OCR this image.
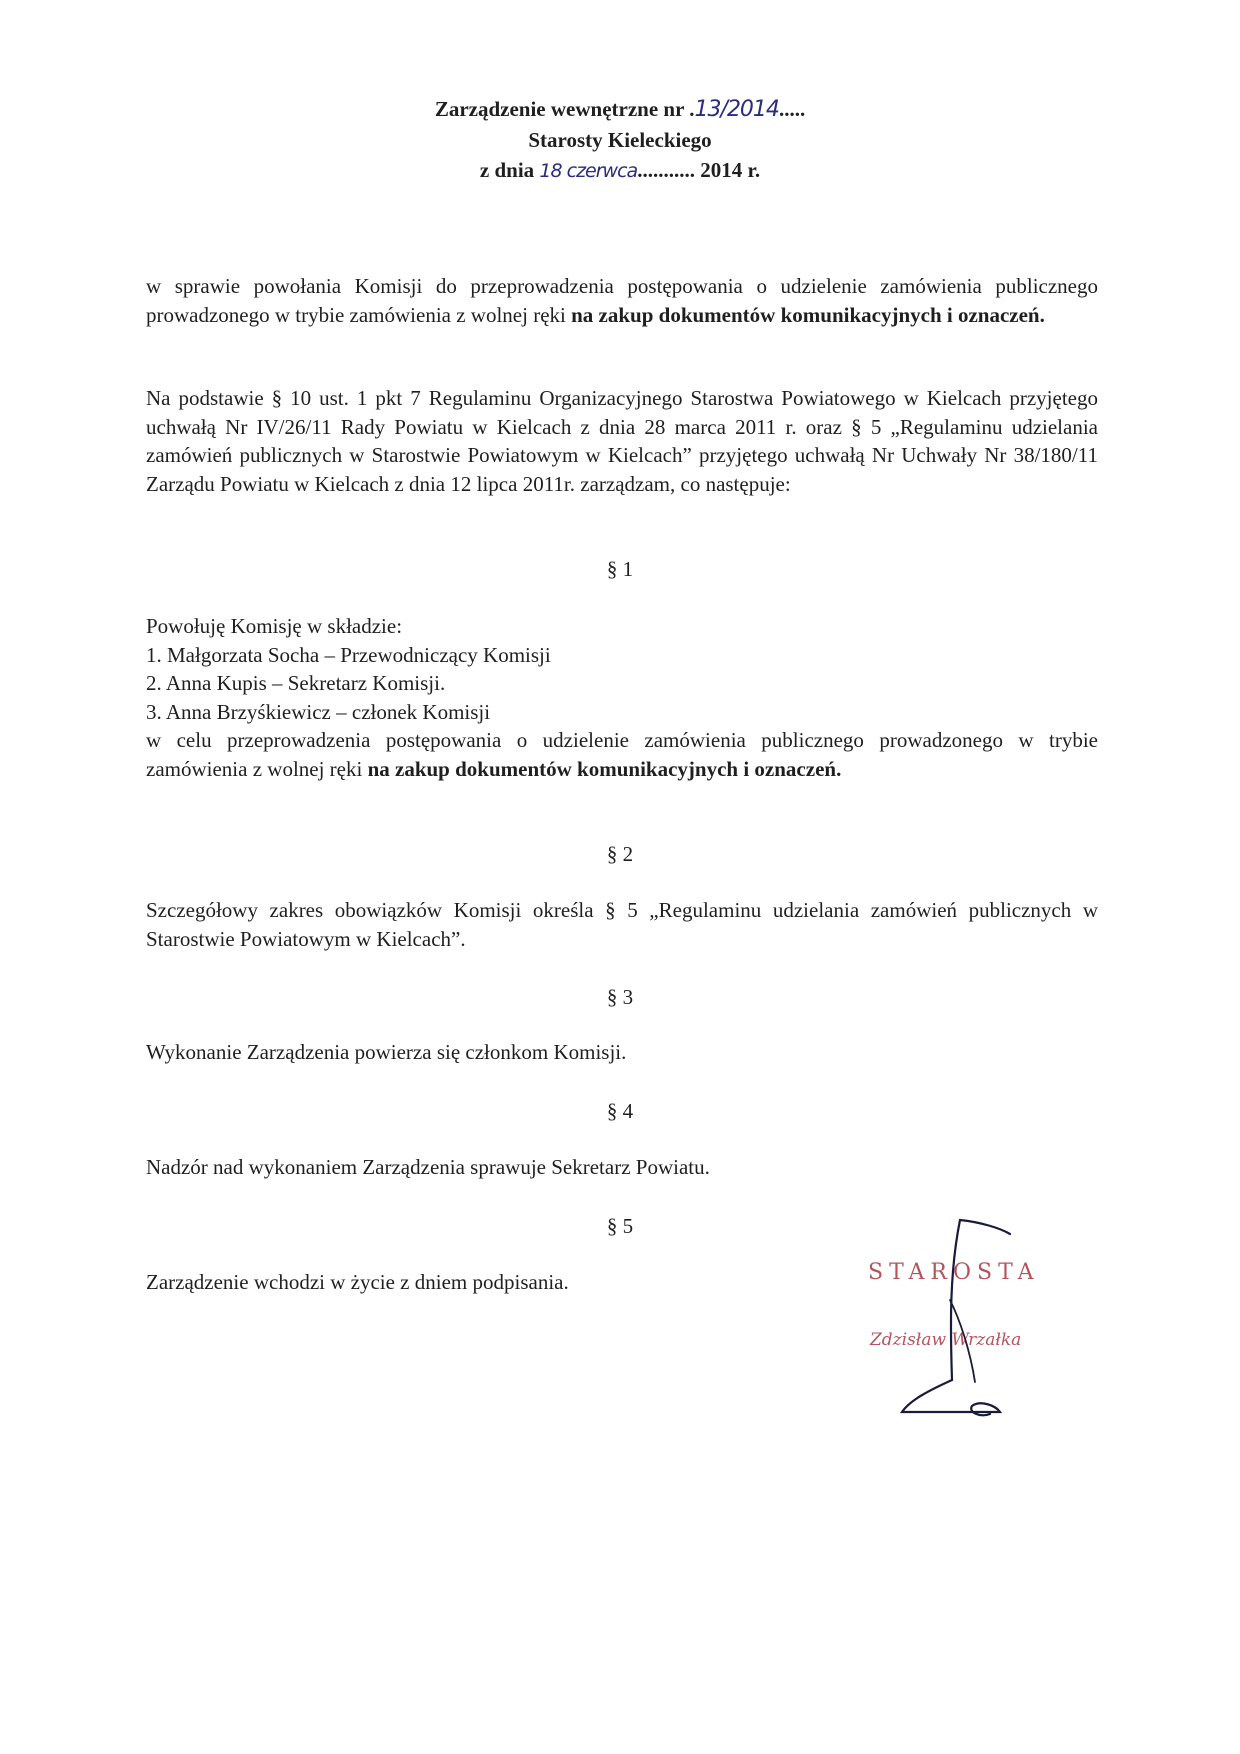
Zarządzenie wewnętrzne nr .13/2014.....
Starosty Kieleckiego
z dnia 18 czerwca........... 2014 r.
w sprawie powołania Komisji do przeprowadzenia postępowania o udzielenie zamówienia publicznego prowadzonego w trybie zamówienia z wolnej ręki na zakup dokumentów komunikacyjnych i oznaczeń.
Na podstawie § 10 ust. 1 pkt 7 Regulaminu Organizacyjnego Starostwa Powiatowego w Kielcach przyjętego uchwałą Nr IV/26/11 Rady Powiatu w Kielcach z dnia 28 marca 2011 r. oraz § 5 „Regulaminu udzielania zamówień publicznych w Starostwie Powiatowym w Kielcach” przyjętego uchwałą Nr Uchwały Nr 38/180/11 Zarządu Powiatu w Kielcach z dnia 12 lipca 2011r. zarządzam, co następuje:
§ 1
Powołuję Komisję w składzie:
1. Małgorzata Socha – Przewodniczący Komisji
2. Anna Kupis – Sekretarz Komisji.
3. Anna Brzyśkiewicz – członek Komisji
w celu przeprowadzenia postępowania o udzielenie zamówienia publicznego prowadzonego w trybie zamówienia z wolnej ręki na zakup dokumentów komunikacyjnych i oznaczeń.
§ 2
Szczegółowy zakres obowiązków Komisji określa § 5 „Regulaminu udzielania zamówień publicznych w Starostwie Powiatowym w Kielcach”.
§ 3
Wykonanie Zarządzenia powierza się członkom Komisji.
§ 4
Nadzór nad wykonaniem Zarządzenia sprawuje Sekretarz Powiatu.
§ 5
Zarządzenie wchodzi w życie z dniem podpisania.	STAROSTA
Zdzisław Wrzałka
